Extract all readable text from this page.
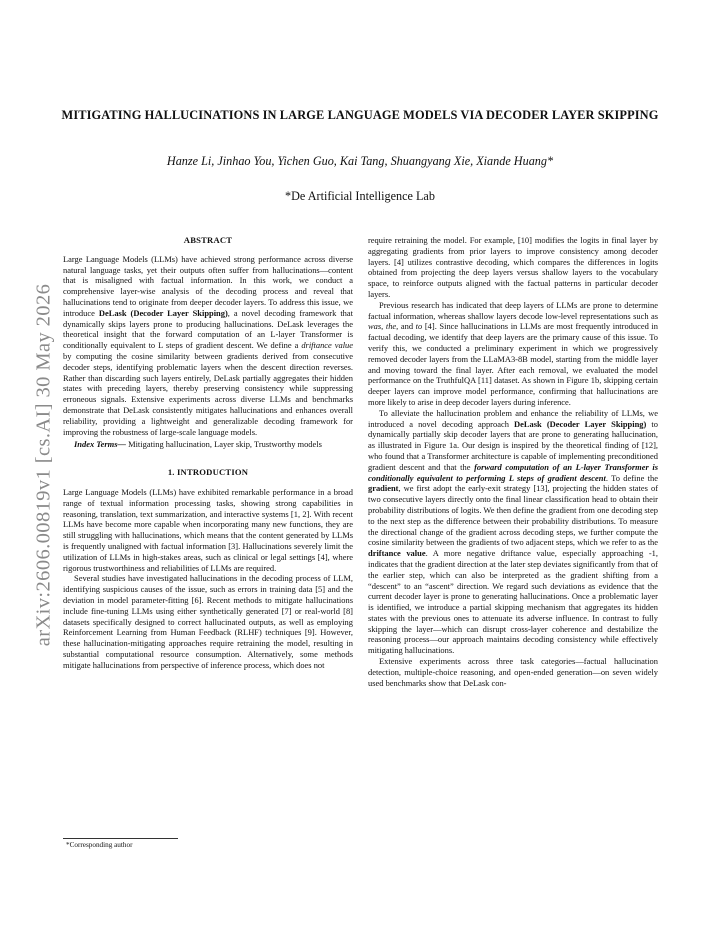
arXiv:2606.00819v1 [cs.AI] 30 May 2026
MITIGATING HALLUCINATIONS IN LARGE LANGUAGE MODELS VIA DECODER LAYER SKIPPING
Hanze Li, Jinhao You, Yichen Guo, Kai Tang, Shuangyang Xie, Xiande Huang*
*De Artificial Intelligence Lab
ABSTRACT

Large Language Models (LLMs) have achieved strong performance across diverse natural language tasks, yet their outputs often suffer from hallucinations—content that is misaligned with factual information. In this work, we conduct a comprehensive layer-wise analysis of the decoding process and reveal that hallucinations tend to originate from deeper decoder layers. To address this issue, we introduce DeLask (Decoder Layer Skipping), a novel decoding framework that dynamically skips layers prone to producing hallucinations. DeLask leverages the theoretical insight that the forward computation of an L-layer Transformer is conditionally equivalent to L steps of gradient descent. We define a driftance value by computing the cosine similarity between gradients derived from consecutive decoder steps, identifying problematic layers when the descent direction reverses. Rather than discarding such layers entirely, DeLask partially aggregates their hidden states with preceding layers, thereby preserving consistency while suppressing erroneous signals. Extensive experiments across diverse LLMs and benchmarks demonstrate that DeLask consistently mitigates hallucinations and enhances overall reliability, providing a lightweight and generalizable decoding framework for improving the robustness of large-scale language models.

Index Terms— Mitigating hallucination, Layer skip, Trustworthy models

1. INTRODUCTION

Large Language Models (LLMs) have exhibited remarkable performance in a broad range of textual information processing tasks, showing strong capabilities in reasoning, translation, text summarization, and interactive systems [1, 2]. With recent LLMs have become more capable when incorporating many new functions, they are still struggling with hallucinations, which means that the content generated by LLMs is frequently unaligned with factual information [3]. Hallucinations severely limit the utilization of LLMs in high-stakes areas, such as clinical or legal settings [4], where rigorous trustworthiness and reliabilities of LLMs are required.

Several studies have investigated hallucinations in the decoding process of LLM, identifying suspicious causes of the issue, such as errors in training data [5] and the deviation in model parameter-fitting [6]. Recent methods to mitigate hallucinations include fine-tuning LLMs using either synthetically generated [7] or real-world [8] datasets specifically designed to correct hallucinated outputs, as well as employing Reinforcement Learning from Human Feedback (RLHF) techniques [9]. However, these hallucination-mitigating approaches require retraining the model, resulting in substantial computational resource consumption. Alternatively, some methods mitigate hallucinations from perspective of inference process, which does not

require retraining the model. For example, [10] modifies the logits in final layer by aggregating gradients from prior layers to improve consistency among decoder layers. [4] utilizes contrastive decoding, which compares the differences in logits obtained from projecting the deep layers versus shallow layers to the vocabulary space, to reinforce outputs aligned with the factual patterns in particular decoder layers.

Previous research has indicated that deep layers of LLMs are prone to determine factual information, whereas shallow layers decode low-level representations such as was, the, and to [4]. Since hallucinations in LLMs are most frequently introduced in factual decoding, we identify that deep layers are the primary cause of this issue. To verify this, we conducted a preliminary experiment in which we progressively removed decoder layers from the LLaMA3-8B model, starting from the middle layer and moving toward the final layer. After each removal, we evaluated the model performance on the TruthfulQA [11] dataset. As shown in Figure 1b, skipping certain deeper layers can improve model performance, confirming that hallucinations are more likely to arise in deep decoder layers during inference.

To alleviate the hallucination problem and enhance the reliability of LLMs, we introduced a novel decoding approach DeLask (Decoder Layer Skipping) to dynamically partially skip decoder layers that are prone to generating hallucination, as illustrated in Figure 1a. Our design is inspired by the theoretical finding of [12], who found that a Transformer architecture is capable of implementing preconditioned gradient descent and that the forward computation of an L-layer Transformer is conditionally equivalent to performing L steps of gradient descent. To define the gradient, we first adopt the early-exit strategy [13], projecting the hidden states of two consecutive layers directly onto the final linear classification head to obtain their probability distributions of logits. We then define the gradient from one decoding step to the next step as the difference between their probability distributions. To measure the directional change of the gradient across decoding steps, we further compute the cosine similarity between the gradients of two adjacent steps, which we refer to as the driftance value. A more negative driftance value, especially approaching -1, indicates that the gradient direction at the later step deviates significantly from that of the earlier step, which can also be interpreted as the gradient shifting from a “descent” to an “ascent” direction. We regard such deviations as evidence that the current decoder layer is prone to generating hallucinations. Once a problematic layer is identified, we introduce a partial skipping mechanism that aggregates its hidden states with the previous ones to attenuate its adverse influence. In contrast to fully skipping the layer—which can disrupt cross-layer coherence and destabilize the reasoning process—our approach maintains decoding consistency while effectively mitigating hallucinations.

Extensive experiments across three task categories—factual hallucination detection, multiple-choice reasoning, and open-ended generation—on seven widely used benchmarks show that DeLask con-

*Corresponding author
